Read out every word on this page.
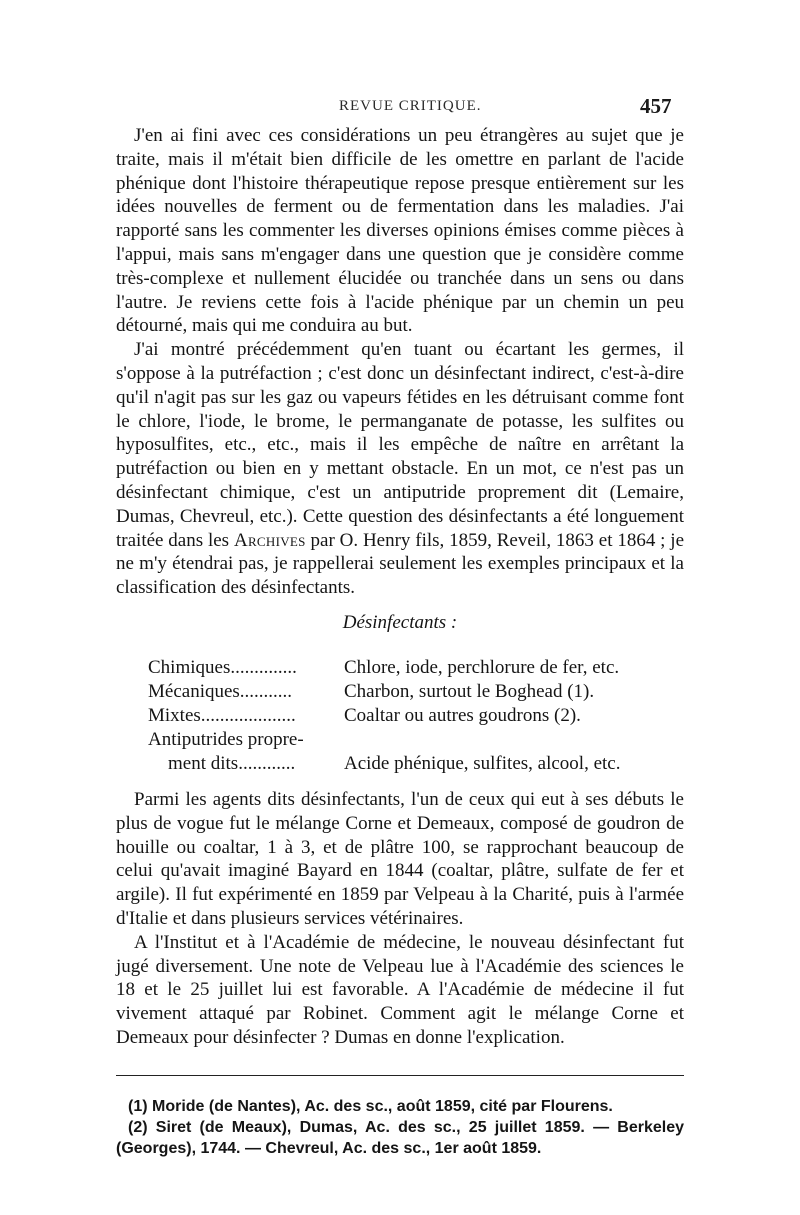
REVUE CRITIQUE.	457

J'en ai fini avec ces considérations un peu étrangères au sujet que je traite, mais il m'était bien difficile de les omettre en parlant de l'acide phénique dont l'histoire thérapeutique repose presque entièrement sur les idées nouvelles de ferment ou de fermentation dans les maladies. J'ai rapporté sans les commenter les diverses opinions émises comme pièces à l'appui, mais sans m'engager dans une question que je considère comme très-complexe et nullement élucidée ou tranchée dans un sens ou dans l'autre. Je reviens cette fois à l'acide phénique par un chemin un peu détourné, mais qui me conduira au but.

J'ai montré précédemment qu'en tuant ou écartant les germes, il s'oppose à la putréfaction ; c'est donc un désinfectant indirect, c'est-à-dire qu'il n'agit pas sur les gaz ou vapeurs fétides en les détruisant comme font le chlore, l'iode, le brome, le permanganate de potasse, les sulfites ou hyposulfites, etc., etc., mais il les empêche de naître en arrêtant la putréfaction ou bien en y mettant obstacle. En un mot, ce n'est pas un désinfectant chimique, c'est un antiputride proprement dit (Lemaire, Dumas, Chevreul, etc.). Cette question des désinfectants a été longuement traitée dans les Archives par O. Henry fils, 1859, Reveil, 1863 et 1864 ; je ne m'y étendrai pas, je rappellerai seulement les exemples principaux et la classification des désinfectants.

Désinfectants :
Chimiques.............. Chlore, iode, perchlorure de fer, etc.
Mécaniques...........	Charbon, surtout le Boghead (1).
Mixtes....................	Coaltar ou autres goudrons (2).
Antiputrides propre-
ment dits............	Acide phénique, sulfites, alcool, etc.

Parmi les agents dits désinfectants, l'un de ceux qui eut à ses débuts le plus de vogue fut le mélange Corne et Demeaux, composé de goudron de houille ou coaltar, 1 à 3, et de plâtre 100, se rapprochant beaucoup de celui qu'avait imaginé Bayard en 1844 (coaltar, plâtre, sulfate de fer et argile). Il fut expérimenté en 1859 par Velpeau à la Charité, puis à l'armée d'Italie et dans plusieurs services vétérinaires.

A l'Institut et à l'Académie de médecine, le nouveau désinfectant fut jugé diversement. Une note de Velpeau lue à l'Académie des sciences le 18 et le 25 juillet lui est favorable. A l'Académie de médecine il fut vivement attaqué par Robinet. Comment agit le mélange Corne et Demeaux pour désinfecter ? Dumas en donne l'explication.

(1) Moride (de Nantes), Ac. des sc., août 1859, cité par Flourens.

(2) Siret (de Meaux), Dumas, Ac. des sc., 25 juillet 1859. — Berkeley (Georges), 1744. — Chevreul, Ac. des sc., 1er août 1859.
